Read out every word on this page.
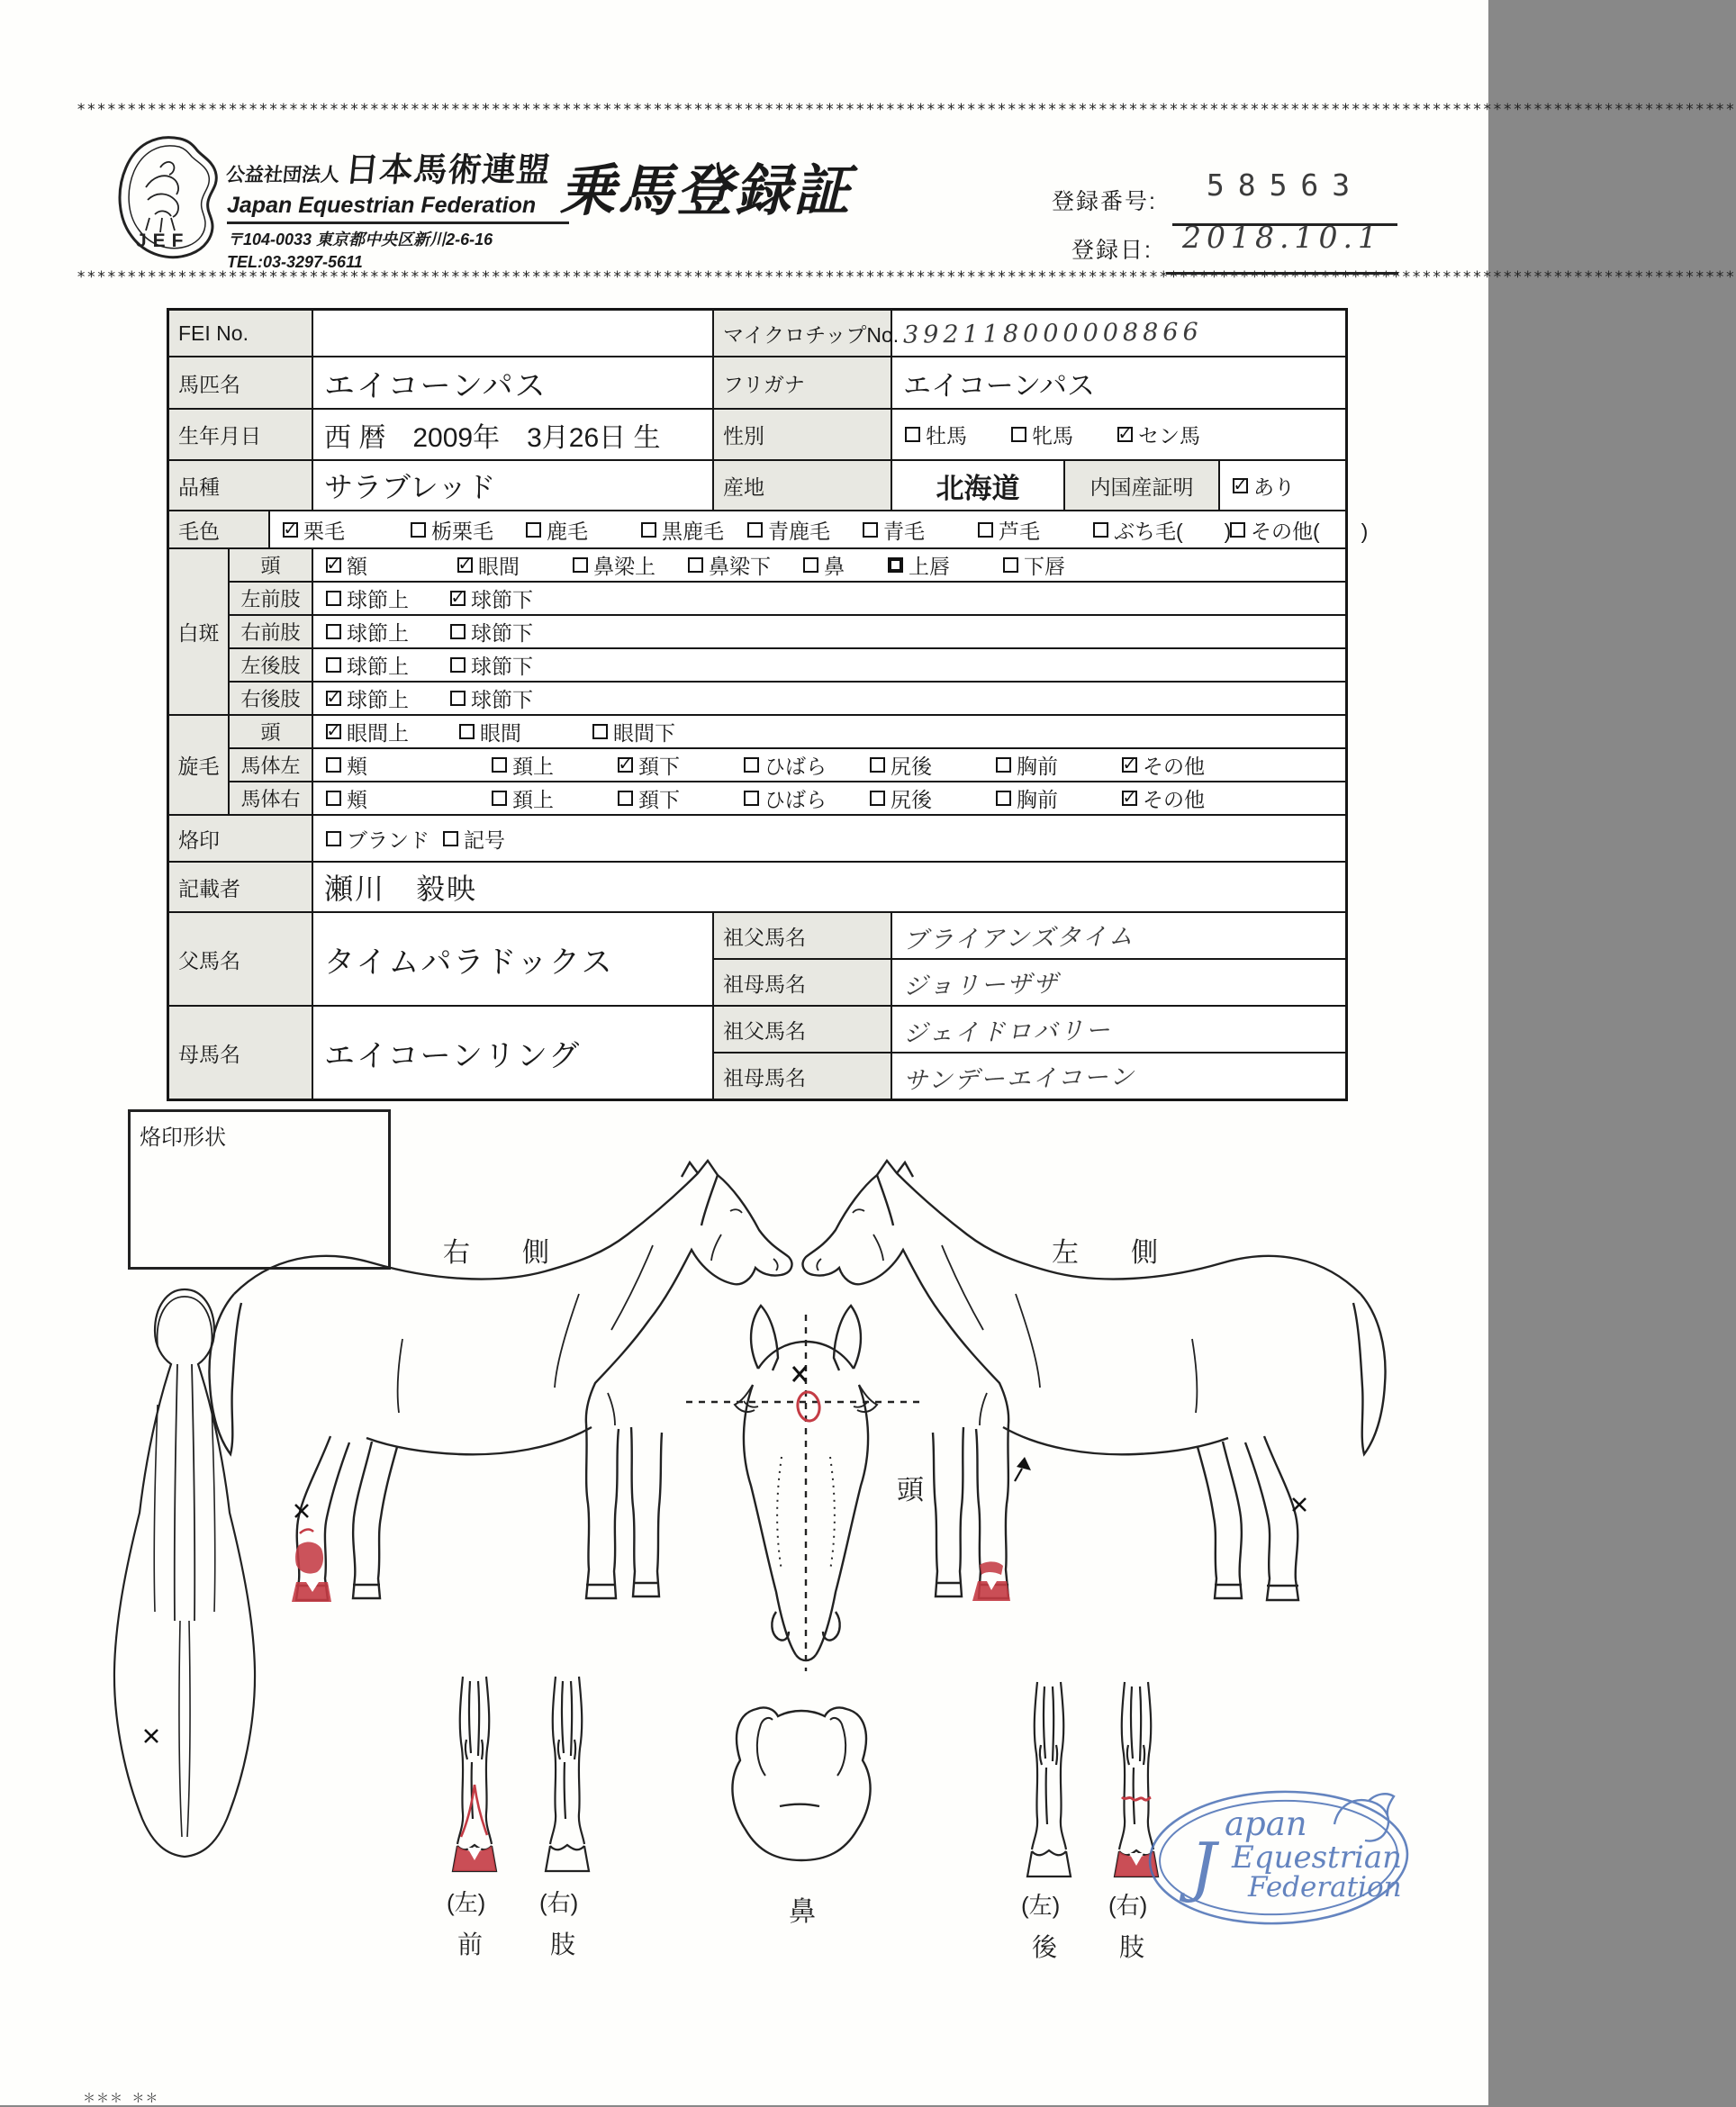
********************************************************************************************************************************************************************
JEF
公益社団法人日本馬術連盟
Japan Equestrian Federation
〒104-0033 東京都中央区新川2-6-16
TEL:03-3297-5611
乗馬登録証	登録番号:	58563
登録日:	2018.10.1
********************************************************************************************************************************************************************
FEI No.	マイクロチップNo. 392118000008866
馬匹名	エイコーンパス	フリガナ	エイコーンパス
生年月日 西 暦　2009年　3月26日 生	性別	牡馬	牝馬	✓ セン馬
品種	サラブレッド	産地	北海道	内国産証明 ✓ あり
毛色	✓ 栗毛	栃栗毛	鹿毛	黒鹿毛 青鹿毛	青毛	芦毛	ぶち毛(　　) その他(　　)
白斑
頭	✓ 額	✓ 眼間	鼻梁上	鼻梁下	鼻	上唇	下唇
左前肢 球節上 ✓ 球節下
右前肢 球節上	球節下
左後肢 球節上	球節下
右後肢 ✓ 球節上	球節下
旋毛
頭	✓ 眼間上	眼間	眼間下
馬体左 頬	頚上	✓ 頚下	ひばら	尻後	胸前	✓ その他
馬体右 頬	頚上	頚下	ひばら	尻後	胸前	✓ その他
烙印	ブランド 記号
記載者	瀬川　毅映
父馬名	タイムパラドックス
祖父馬名	ブライアンズタイム
祖母馬名	ジョリーザザ
母馬名	エイコーンリング
祖父馬名	ジェイドロバリー
祖母馬名	サンデーエイコーン
烙印形状
J
apan
Equestrian
Federation
右側	左側
頭
鼻
(左) (右)
前	肢
(左) (右)
後 肢
＊＊＊ ＊＊
